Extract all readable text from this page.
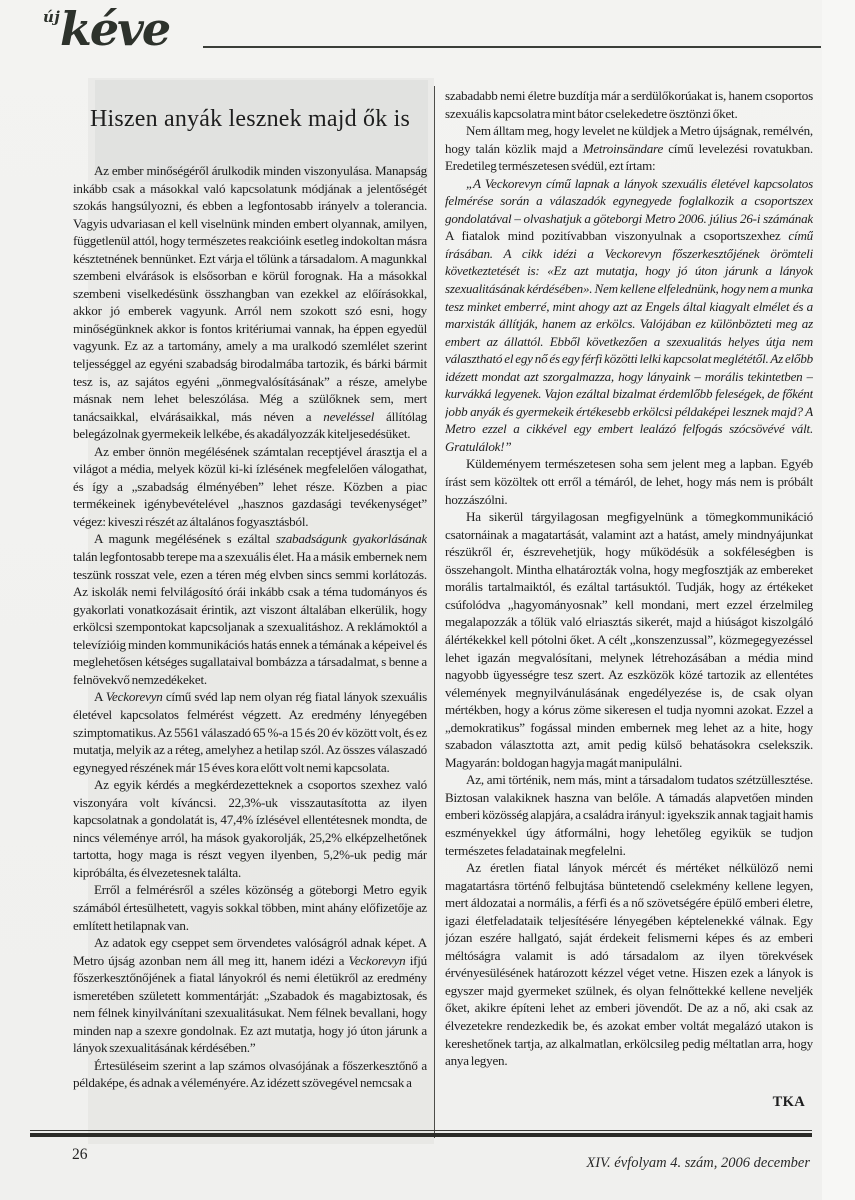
új kéve
Hiszen anyák lesznek majd ők is

Az ember minőségéről árulkodik minden viszonyulása. Manapság inkább csak a másokkal való kapcsolatunk módjának a jelentőségét szokás hangsúlyozni, és ebben a legfontosabb irányelv a tolerancia. Vagyis udvariasan el kell viselnünk minden embert olyannak, amilyen, függetlenül attól, hogy természetes reakcióink esetleg indokoltan másra késztetnének bennünket. Ezt várja el tőlünk a társadalom. A magunkkal szembeni elvárások is elsősorban e körül forognak. Ha a másokkal szembeni viselkedésünk összhangban van ezekkel az előírásokkal, akkor jó emberek vagyunk. Arról nem szokott szó esni, hogy minőségünknek akkor is fontos kritériumai vannak, ha éppen egyedül vagyunk. Ez az a tartomány, amely a ma uralkodó szemlélet szerint teljességgel az egyéni szabadság birodalmába tartozik, és bárki bármit tesz is, az sajátos egyéni „önmegvalósításának” a része, amelybe másnak nem lehet beleszólása. Még a szülőknek sem, mert tanácsaikkal, elvárásaikkal, más néven a neveléssel állítólag belegázolnak gyermekeik lelkébe, és akadályozzák kiteljesedésüket.

Az ember önnön megélésének számtalan receptjével árasztja el a világot a média, melyek közül ki-ki ízlésének megfelelően válogathat, és így a „szabadság élményében” lehet része. Közben a piac termékeinek igénybevételével „hasznos gazdasági tevékenységet” végez: kiveszi részét az általános fogyasztásból.

A magunk megélésének s ezáltal szabadságunk gyakorlásának talán legfontosabb terepe ma a szexuális élet. Ha a másik embernek nem teszünk rosszat vele, ezen a téren még elvben sincs semmi korlátozás. Az iskolák nemi felvilágosító órái inkább csak a téma tudományos és gyakorlati vonatkozásait érintik, azt viszont általában elkerülik, hogy erkölcsi szempontokat kapcsoljanak a szexualitáshoz. A reklámoktól a televízióig minden kommunikációs hatás ennek a témának a képeivel és meglehetősen kétséges sugallataival bombázza a társadalmat, s benne a felnövekvő nemzedékeket.

A Veckorevyn című svéd lap nem olyan rég fiatal lányok szexuális életével kapcsolatos felmérést végzett. Az eredmény lényegében szimptomatikus. Az 5561 válaszadó 65 %-a 15 és 20 év között volt, és ez mutatja, melyik az a réteg, amelyhez a hetilap szól. Az összes válaszadó egynegyed részének már 15 éves kora előtt volt nemi kapcsolata.

Az egyik kérdés a megkérdezetteknek a csoportos szexhez való viszonyára volt kíváncsi. 22,3%-uk visszautasította az ilyen kapcsolatnak a gondolatát is, 47,4% ízlésével ellentétesnek mondta, de nincs véleménye arról, ha mások gyakorolják, 25,2% elképzelhetőnek tartotta, hogy maga is részt vegyen ilyenben, 5,2%-uk pedig már kipróbálta, és élvezetesnek találta.

Erről a felmérésről a széles közönség a göteborgi Metro egyik számából értesülhetett, vagyis sokkal többen, mint ahány előfizetője az említett hetilapnak van.

Az adatok egy cseppet sem örvendetes valóságról adnak képet. A Metro újság azonban nem áll meg itt, hanem idézi a Veckorevyn ifjú főszerkesztőnőjének a fiatal lányokról és nemi életükről az eredmény ismeretében született kommentárját: „Szabadok és magabiztosak, és nem félnek kinyilvánítani szexualitásukat. Nem félnek bevallani, hogy minden nap a szexre gondolnak. Ez azt mutatja, hogy jó úton járunk a lányok szexualitásának kérdésében.”

Értesüléseim szerint a lap számos olvasójának a főszerkesztőnő a példaképe, és adnak a véleményére. Az idézett szövegével nemcsak a

szabadabb nemi életre buzdítja már a serdülőkorúakat is, hanem csoportos szexuális kapcsolatra mint bátor cselekedetre ösztönzi őket.

Nem álltam meg, hogy levelet ne küldjek a Metro újságnak, remélvén, hogy talán közlik majd a Metroinsändare című levelezési rovatukban. Eredetileg természetesen svédül, ezt írtam:

„A Veckorevyn című lapnak a lányok szexuális életével kapcsolatos felmérése során a válaszadók egynegyede foglalkozik a csoportszex gondolatával – olvashatjuk a göteborgi Metro 2006. július 26-i számának A fiatalok mind pozitívabban viszonyulnak a csoportszexhez című írásában. A cikk idézi a Veckorevyn főszerkesztőjének örömteli következtetését is: «Ez azt mutatja, hogy jó úton járunk a lányok szexualitásának kérdésében». Nem kellene elfelednünk, hogy nem a munka tesz minket emberré, mint ahogy azt az Engels által kiagyalt elmélet és a marxisták állítják, hanem az erkölcs. Valójában ez különbözteti meg az embert az állattól. Ebből következően a szexualitás helyes útja nem választható el egy nő és egy férfi közötti lelki kapcsolat meglététől. Az előbb idézett mondat azt szorgalmazza, hogy lányaink – morális tekintetben – kurvákká legyenek. Vajon ezáltal bizalmat érdemlőbb feleségek, de főként jobb anyák és gyermekeik értékesebb erkölcsi példaképei lesznek majd? A Metro ezzel a cikkével egy embert lealázó felfogás szócsövévé vált. Gratulálok!”

Küldeményem természetesen soha sem jelent meg a lapban. Egyéb írást sem közöltek ott erről a témáról, de lehet, hogy más nem is próbált hozzászólni.

Ha sikerül tárgyilagosan megfigyelnünk a tömegkommunikáció csatornáinak a magatartását, valamint azt a hatást, amely mindnyájunkat részükről ér, észrevehetjük, hogy működésük a sokféleségben is összehangolt. Mintha elhatározták volna, hogy megfosztják az embereket morális tartalmaiktól, és ezáltal tartásuktól. Tudják, hogy az értékeket csúfolódva „hagyományosnak” kell mondani, mert ezzel érzelmileg megalapozzák a tőlük való elriasztás sikerét, majd a hiúságot kiszolgáló álértékekkel kell pótolni őket. A célt „konszenzussal”, közmegegyezéssel lehet igazán megvalósítani, melynek létrehozásában a média mind nagyobb ügyességre tesz szert. Az eszközök közé tartozik az ellentétes vélemények megnyilvánulásának engedélyezése is, de csak olyan mértékben, hogy a kórus zöme sikeresen el tudja nyomni azokat. Ezzel a „demokratikus” fogással minden embernek meg lehet az a hite, hogy szabadon választotta azt, amit pedig külső behatásokra cselekszik. Magyarán: boldogan hagyja magát manipulálni.

Az, ami történik, nem más, mint a társadalom tudatos szétzüllesztése. Biztosan valakiknek haszna van belőle. A támadás alapvetően minden emberi közösség alapjára, a családra irányul: igyekszik annak tagjait hamis eszményekkel úgy átformálni, hogy lehetőleg egyikük se tudjon természetes feladatainak megfelelni.

Az éretlen fiatal lányok mércét és mértéket nélkülöző nemi magatartásra történő felbujtása büntetendő cselekmény kellene legyen, mert áldozatai a normális, a férfi és a nő szövetségére épülő emberi életre, igazi életfeladataik teljesítésére lényegében képtelenekké válnak. Egy józan eszére hallgató, saját érdekeit felismerni képes és az emberi méltóságra valamit is adó társadalom az ilyen törekvések érvényesülésének határozott kézzel véget vetne. Hiszen ezek a lányok is egyszer majd gyermeket szülnek, és olyan felnőttekké kellene neveljék őket, akikre építeni lehet az emberi jövendőt. De az a nő, aki csak az élvezetekre rendezkedik be, és azokat ember voltát megalázó utakon is kereshetőnek tartja, az alkalmatlan, erkölcsileg pedig méltatlan arra, hogy anya legyen.

TKA
26	XIV. évfolyam 4. szám, 2006 december
